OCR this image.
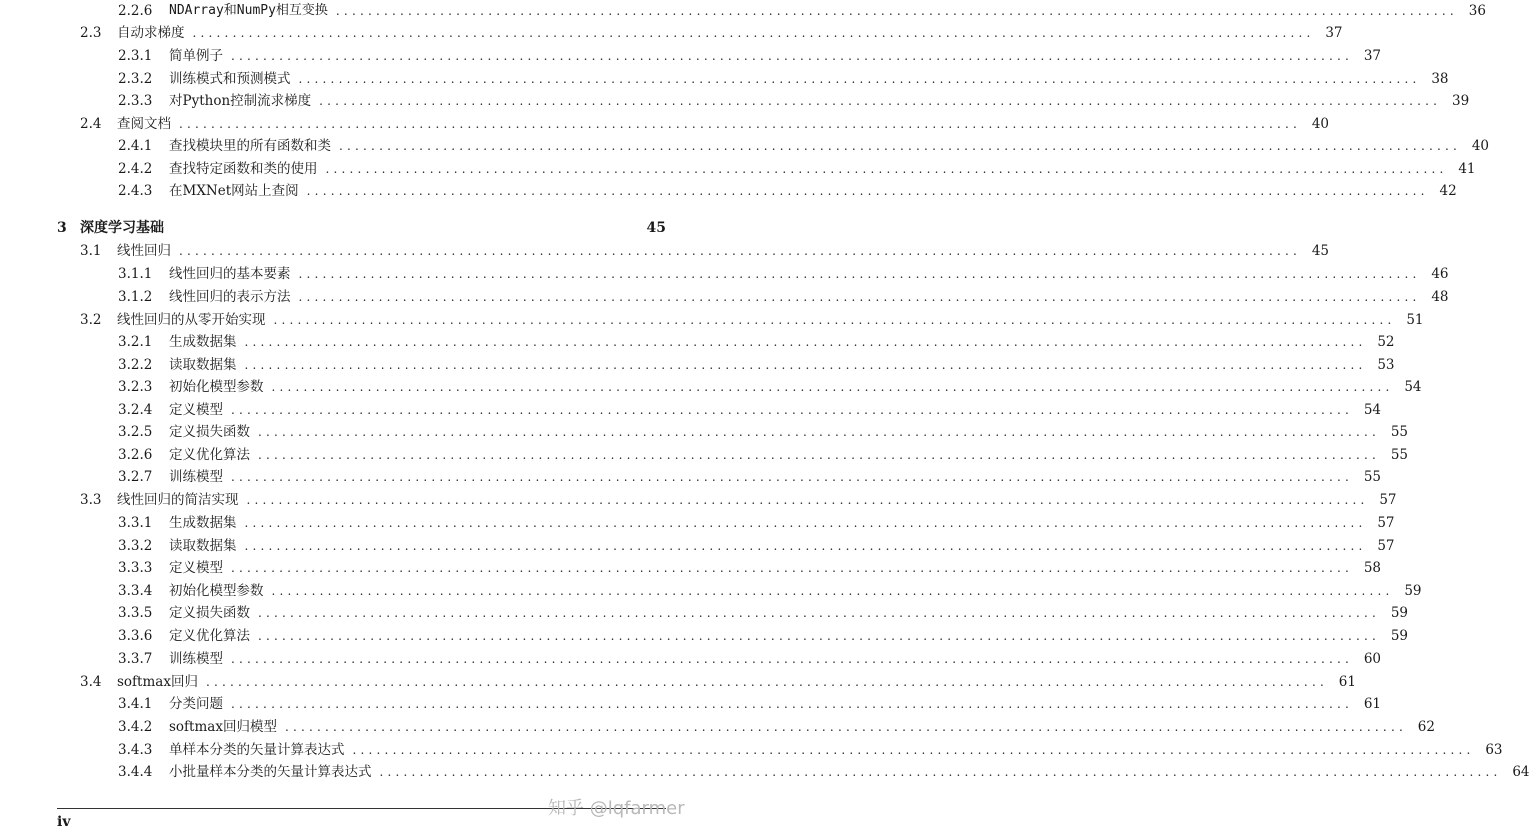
2.2.6	NDArray和NumPy相互变换 ............................................................................................................................................ 36
2.3	自动求梯度 ............................................................................................................................................ 37
2.3.1	简单例子 ............................................................................................................................................ 37
2.3.2	训练模式和预测模式 ............................................................................................................................................ 38
2.3.3	对Python控制流求梯度 ............................................................................................................................................ 39
2.4	查阅文档 ............................................................................................................................................ 40
2.4.1	查找模块里的所有函数和类 ............................................................................................................................................ 40
2.4.2	查找特定函数和类的使用 ............................................................................................................................................ 41
2.4.3	在MXNet网站上查阅 ............................................................................................................................................ 42
3 深度学习基础	45
3.1	线性回归 ............................................................................................................................................ 45
3.1.1	线性回归的基本要素 ............................................................................................................................................ 46
3.1.2	线性回归的表示方法 ............................................................................................................................................ 48
3.2	线性回归的从零开始实现 ............................................................................................................................................ 51
3.2.1	生成数据集 ............................................................................................................................................ 52
3.2.2	读取数据集 ............................................................................................................................................ 53
3.2.3	初始化模型参数 ............................................................................................................................................ 54
3.2.4	定义模型 ............................................................................................................................................ 54
3.2.5	定义损失函数 ............................................................................................................................................ 55
3.2.6	定义优化算法 ............................................................................................................................................ 55
3.2.7	训练模型 ............................................................................................................................................ 55
3.3	线性回归的简洁实现 ............................................................................................................................................ 57
3.3.1	生成数据集 ............................................................................................................................................ 57
3.3.2	读取数据集 ............................................................................................................................................ 57
3.3.3	定义模型 ............................................................................................................................................ 58
3.3.4	初始化模型参数 ............................................................................................................................................ 59
3.3.5	定义损失函数 ............................................................................................................................................ 59
3.3.6	定义优化算法 ............................................................................................................................................ 59
3.3.7	训练模型 ............................................................................................................................................ 60
3.4	softmax回归 ............................................................................................................................................ 61
3.4.1	分类问题 ............................................................................................................................................ 61
3.4.2	softmax回归模型 ............................................................................................................................................ 62
3.4.3	单样本分类的矢量计算表达式 ............................................................................................................................................ 63
3.4.4	小批量样本分类的矢量计算表达式 ............................................................................................................................................ 64
iv
知乎 @lqfarmer
